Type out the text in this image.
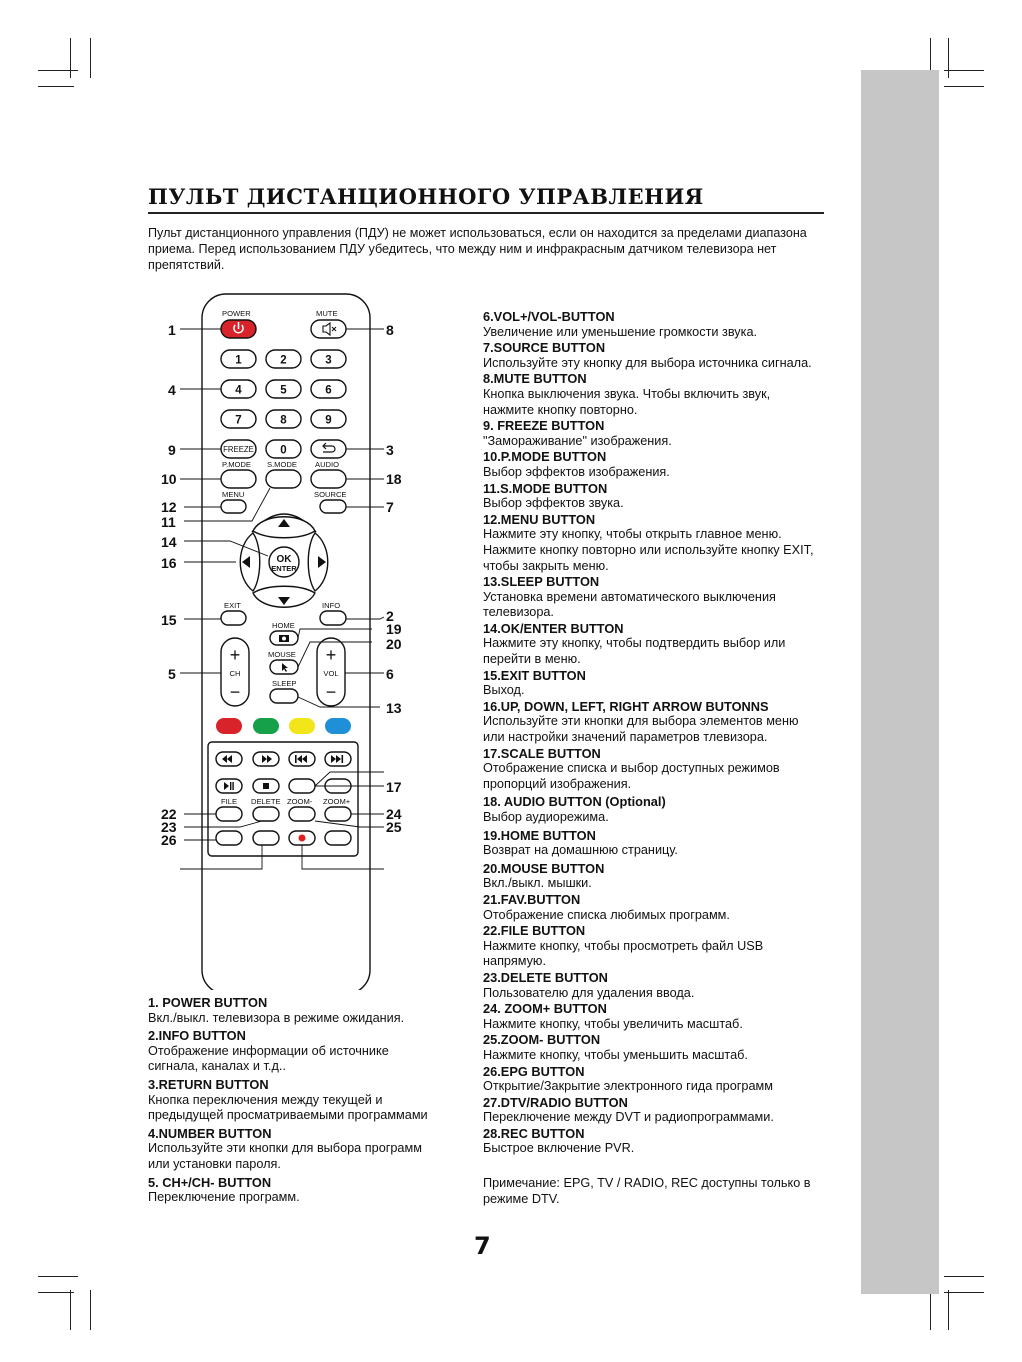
ПУЛЬТ ДИСТАНЦИОННОГО УПРАВЛЕНИЯ
Пульт дистанционного управления (ПДУ) не может использоваться, если он находится за пределами диапазона приема. Перед использованием ПДУ убедитесь, что между ним и инфракрасным датчиком телевизора нет препятствий.
POWER	MUTE
1	2	3
4	5	6
7	8	9
FREEZE 0
P.MODE S.MODE AUDIO
MENU	SOURCE
OK
ENTER
EXIT	INFO
HOME
MOUSE
SLEEP
+
CH
−
+
VOL
−
FILE DELETE ZOOM- ZOOM+
1
4
9
10
12
11
14
16
15
5
22
23
26
8
3
18
7
2
19
20
6
13
17
24
25
1. POWER BUTTON
Вкл./выкл. телевизора в режиме ожидания.
2.INFO BUTTON
Отображение информации об источнике сигнала, каналах и т.д..
3.RETURN BUTTON
Кнопка переключения между текущей и предыдущей просматриваемыми программами
4.NUMBER BUTTON
Используйте эти кнопки для выбора программ или установки пароля.
5. CH+/CH- BUTTON
Переключение программ.
6.VOL+/VOL-BUTTON
Увеличение или уменьшение громкости звука.
7.SOURCE BUTTON
Используйте эту кнопку для выбора источника сигнала.
8.MUTE BUTTON
Кнопка выключения звука. Чтобы включить звук, нажмите кнопку повторно.
9. FREEZE BUTTON
"Замораживание" изображения.
10.P.MODE BUTTON
Выбор эффектов изображения.
11.S.MODE BUTTON
Выбор эффектов звука.
12.MENU BUTTON
Нажмите эту кнопку, чтобы открыть главное меню. Нажмите кнопку повторно или используйте кнопку EXIT, чтобы закрыть меню.
13.SLEEP BUTTON
Установка времени автоматического выключения телевизора.
14.OK/ENTER BUTTON
Нажмите эту кнопку, чтобы подтвердить выбор или перейти в меню.
15.EXIT BUTTON
Выход.
16.UP, DOWN, LEFT, RIGHT ARROW BUTONNS
Используйте эти кнопки для выбора элементов меню или настройки значений параметров тлевизора.
17.SCALE BUTTON
Отображение списка и выбор доступных режимов пропорций изображения.
18. AUDIO BUTTON (Optional)
Выбор аудиорежима.
19.HOME BUTTON
Возврат на домашнюю страницу.
20.MOUSE BUTTON
Вкл./выкл. мышки.
21.FAV.BUTTON
Отображение списка любимых программ.
22.FILE BUTTON
Нажмите кнопку, чтобы просмотреть файл USB напрямую.
23.DELETE BUTTON
Пользователю для удаления ввода.
24. ZOOM+ BUTTON
Нажмите кнопку, чтобы увеличить масштаб.
25.ZOOM- BUTTON
Нажмите кнопку, чтобы уменьшить масштаб.
26.EPG BUTTON
Открытие/Закрытие электронного гида программ
27.DTV/RADIO BUTTON
Переключение между DVT и радиопрограммами.
28.REC BUTTON
Быстрое включение PVR.
Примечание: EPG, TV / RADIO, REC доступны только в режиме DTV.
7
